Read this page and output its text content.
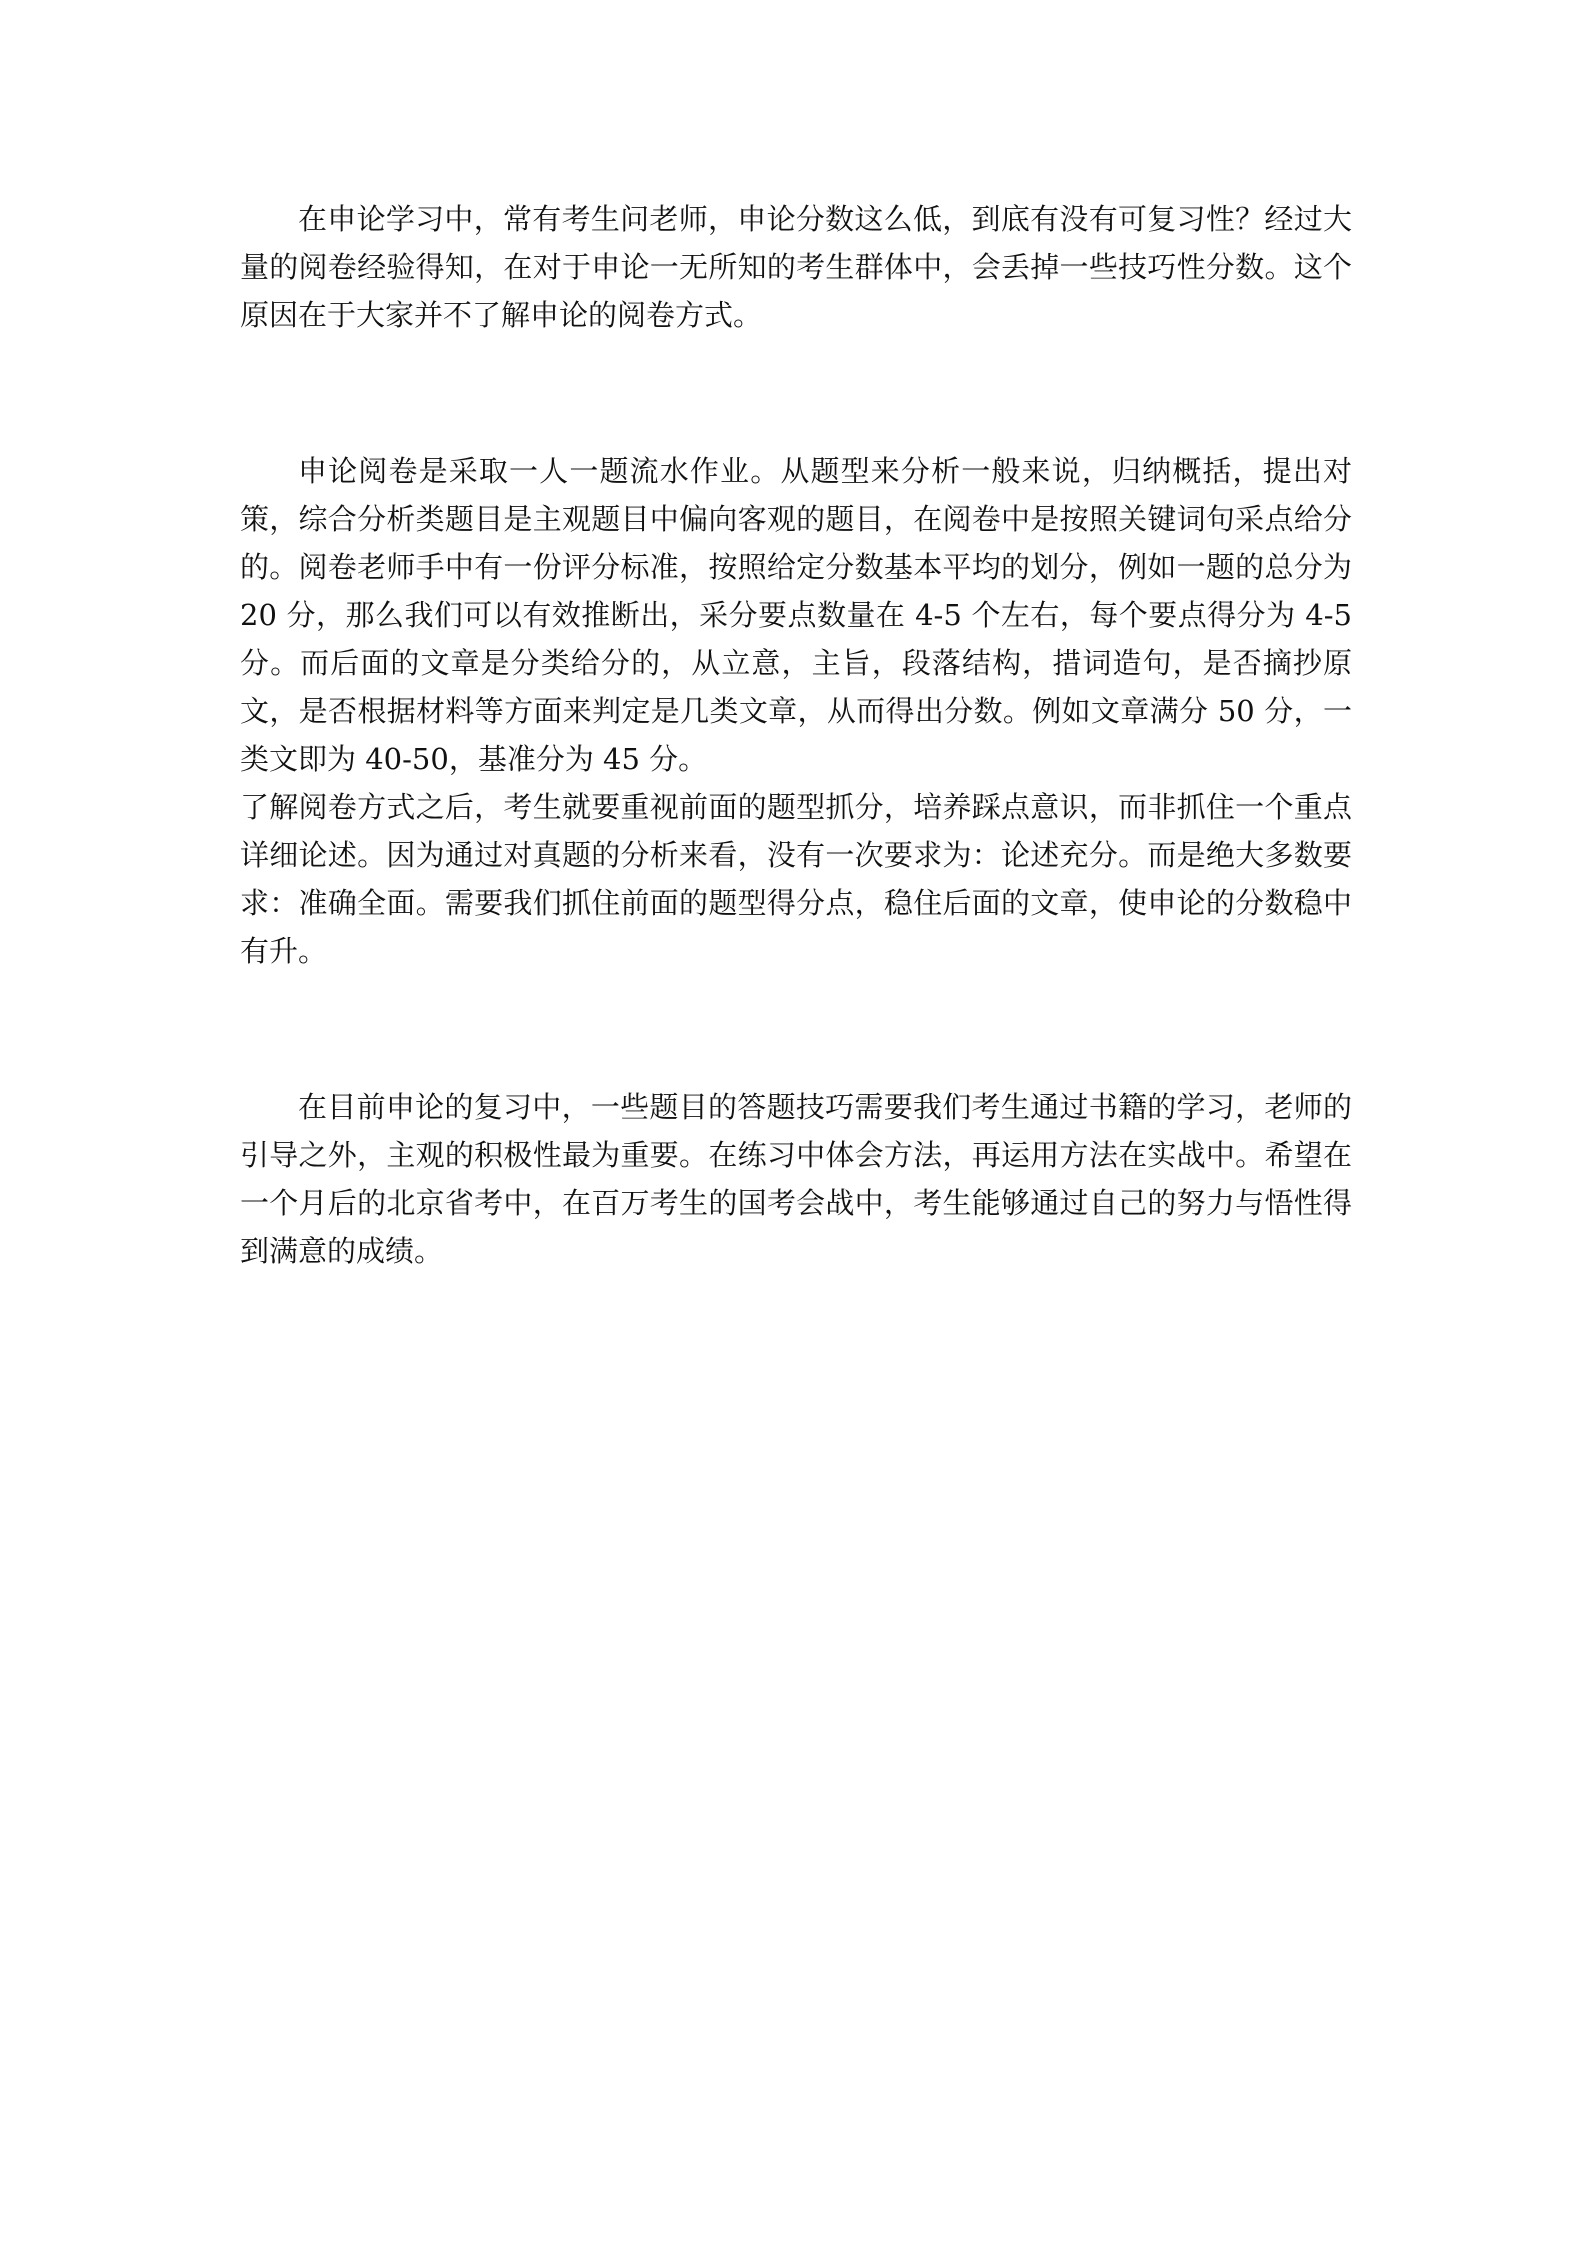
在申论学习中，常有考生问老师，申论分数这么低，到底有没有可复习性？经过大量的阅卷经验得知，在对于申论一无所知的考生群体中，会丢掉一些技巧性分数。这个原因在于大家并不了解申论的阅卷方式。

申论阅卷是采取一人一题流水作业。从题型来分析一般来说，归纳概括，提出对策，综合分析类题目是主观题目中偏向客观的题目，在阅卷中是按照关键词句采点给分的。阅卷老师手中有一份评分标准，按照给定分数基本平均的划分，例如一题的总分为 20 分，那么我们可以有效推断出，采分要点数量在 4-5 个左右，每个要点得分为 4-5 分。而后面的文章是分类给分的，从立意，主旨，段落结构，措词造句，是否摘抄原文，是否根据材料等方面来判定是几类文章，从而得出分数。例如文章满分 50 分，一类文即为 40-50，基准分为 45 分。

了解阅卷方式之后，考生就要重视前面的题型抓分，培养踩点意识，而非抓住一个重点详细论述。因为通过对真题的分析来看，没有一次要求为：论述充分。而是绝大多数要求：准确全面。需要我们抓住前面的题型得分点，稳住后面的文章，使申论的分数稳中有升。

在目前申论的复习中，一些题目的答题技巧需要我们考生通过书籍的学习，老师的引导之外，主观的积极性最为重要。在练习中体会方法，再运用方法在实战中。希望在一个月后的北京省考中，在百万考生的国考会战中，考生能够通过自己的努力与悟性得到满意的成绩。
